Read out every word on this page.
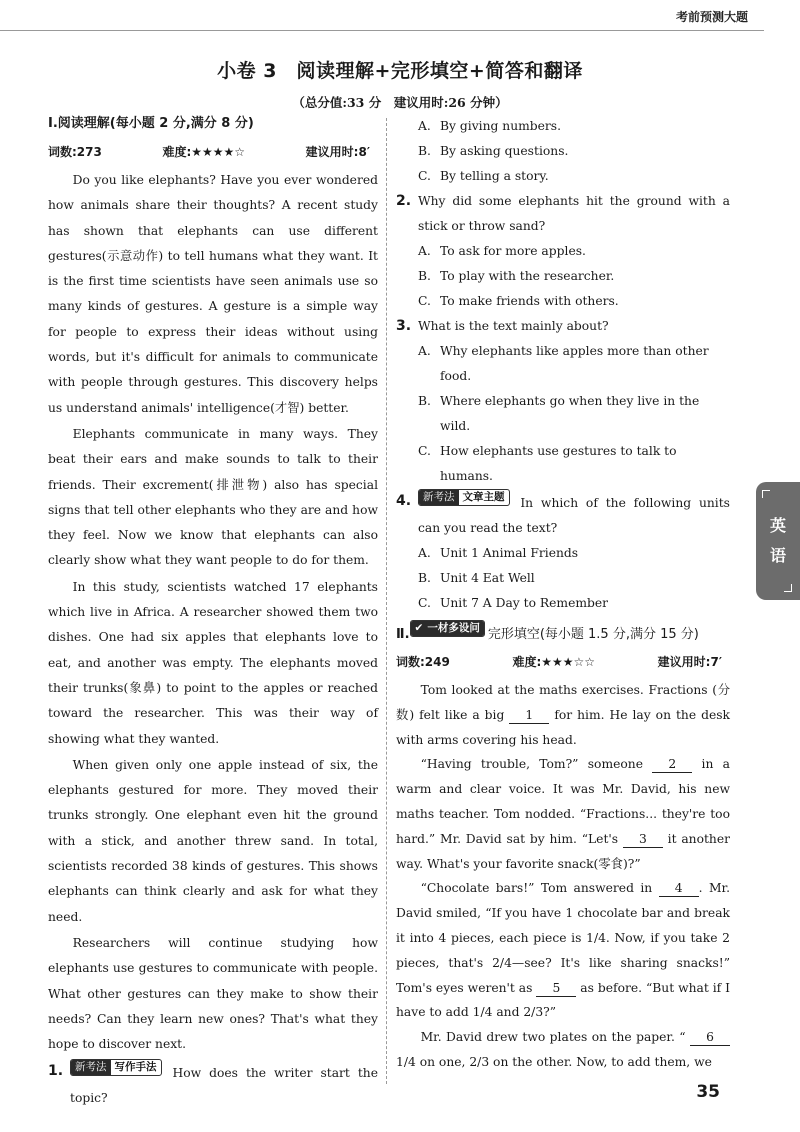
考前预测大题
小卷 3　阅读理解+完形填空+简答和翻译
（总分值:33 分　建议用时:26 分钟）
Ⅰ.阅读理解(每小题 2 分,满分 8 分)
词数:273	难度:★★★★☆	建议用时:8′

Do you like elephants? Have you ever wondered how animals share their thoughts? A recent study has shown that elephants can use different gestures(示意动作) to tell humans what they want. It is the first time scientists have seen animals use so many kinds of gestures. A gesture is a simple way for people to express their ideas without using words, but it's difficult for animals to communicate with people through gestures. This discovery helps us understand animals' intelligence(才智) better.

Elephants communicate in many ways. They beat their ears and make sounds to talk to their friends. Their excrement(排泄物) also has special signs that tell other elephants who they are and how they feel. Now we know that elephants can also clearly show what they want people to do for them.

In this study, scientists watched 17 elephants which live in Africa. A researcher showed them two dishes. One had six apples that elephants love to eat, and another was empty. The elephants moved their trunks(象鼻) to point to the apples or reached toward the researcher. This was their way of showing what they wanted.

When given only one apple instead of six, the elephants gestured for more. They moved their trunks strongly. One elephant even hit the ground with a stick, and another threw sand. In total, scientists recorded 38 kinds of gestures. This shows elephants can think clearly and ask for what they need.

Researchers will continue studying how elephants use gestures to communicate with people. What other gestures can they make to show their needs? Can they learn new ones? That's what they hope to discover next.

1.	新考法 写作手法 How does the writer start the topic?
A. By giving numbers.
B. By asking questions.
C. By telling a story.
2. Why did some elephants hit the ground with a stick or throw sand?
A. To ask for more apples.
B. To play with the researcher.
C. To make friends with others.
3. What is the text mainly about?
A. Why elephants like apples more than other food.
B. Where elephants go when they live in the wild.
C. How elephants use gestures to talk to humans.
4.	新考法 文章主题 In which of the following units can you read the text?
A. Unit 1 Animal Friends
B. Unit 4 Eat Well
C. Unit 7 A Day to Remember
Ⅱ. ✔ 一材多设问 完形填空(每小题 1.5 分,满分 15 分)
词数:249	难度:★★★☆☆	建议用时:7′

Tom looked at the maths exercises. Fractions (分数) felt like a big 1 for him. He lay on the desk with arms covering his head.

“Having trouble, Tom?” someone 2 in a warm and clear voice. It was Mr. David, his new maths teacher. Tom nodded. “Fractions... they're too hard.” Mr. David sat by him. “Let's 3 it another way. What's your favorite snack(零食)?”

“Chocolate bars!” Tom answered in 4 . Mr. David smiled, “If you have 1 chocolate bar and break it into 4 pieces, each piece is 1/4. Now, if you take 2 pieces, that's 2/4—see? It's like sharing snacks!” Tom's eyes weren't as 5 as before. “But what if I have to add 1/4 and 2/3?”

Mr. David drew two plates on the paper. “ 6 1/4 on one, 2/3 on the other. Now, to add them, we

英
语
35
